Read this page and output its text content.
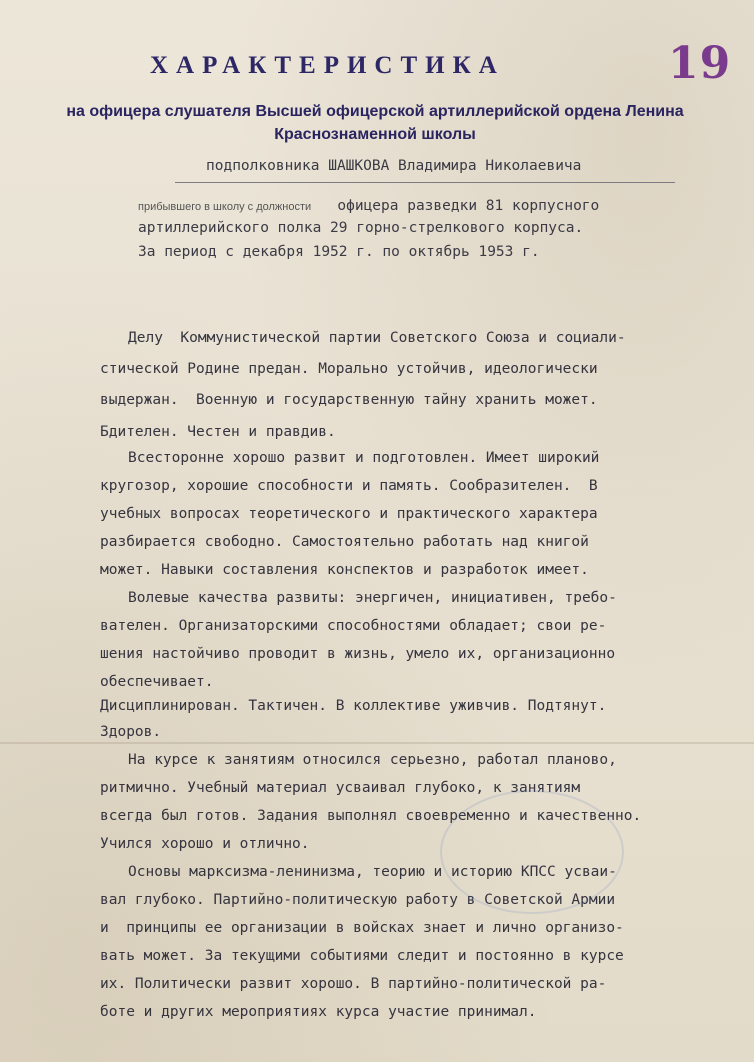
19
ХАРАКТЕРИСТИКА
на офицера слушателя Высшей офицерской артиллерийской ордена Ленина
Краснознаменной школы
подполковника ШАШКОВА Владимира Николаевича
прибывшего в школу с должности офицера разведки 81 корпусного
артиллерийского полка 29 горно-стрелкового корпуса.
За период с декабря 1952 г. по октябрь 1953 г.
Делу  Коммунистической партии Советского Союза и социали-
стической Родине предан. Морально устойчив, идеологически
выдержан.  Военную и государственную тайну хранить может.
Бдителен. Честен и правдив.
Всесторонне хорошо развит и подготовлен. Имеет широкий
кругозор, хорошие способности и память. Сообразителен.  В
учебных вопросах теоретического и практического характера
разбирается свободно. Самостоятельно работать над книгой
может. Навыки составления конспектов и разработок имеет.
Волевые качества развиты: энергичен, инициативен, требо-
вателен. Организаторскими способностями обладает; свои ре-
шения настойчиво проводит в жизнь, умело их, организационно
обеспечивает.
Дисциплинирован. Тактичен. В коллективе уживчив. Подтянут.
Здоров.
На курсе к занятиям относился серьезно, работал планово,
ритмично. Учебный материал усваивал глубоко, к занятиям
всегда был готов. Задания выполнял своевременно и качественно.
Учился хорошо и отлично.
Основы марксизма-ленинизма, теорию и историю КПСС усваи-
вал глубоко. Партийно-политическую работу в Советской Армии
и  принципы ее организации в войсках знает и лично организо-
вать может. За текущими событиями следит и постоянно в курсе
их. Политически развит хорошо. В партийно-политической ра-
боте и других мероприятиях курса участие принимал.
